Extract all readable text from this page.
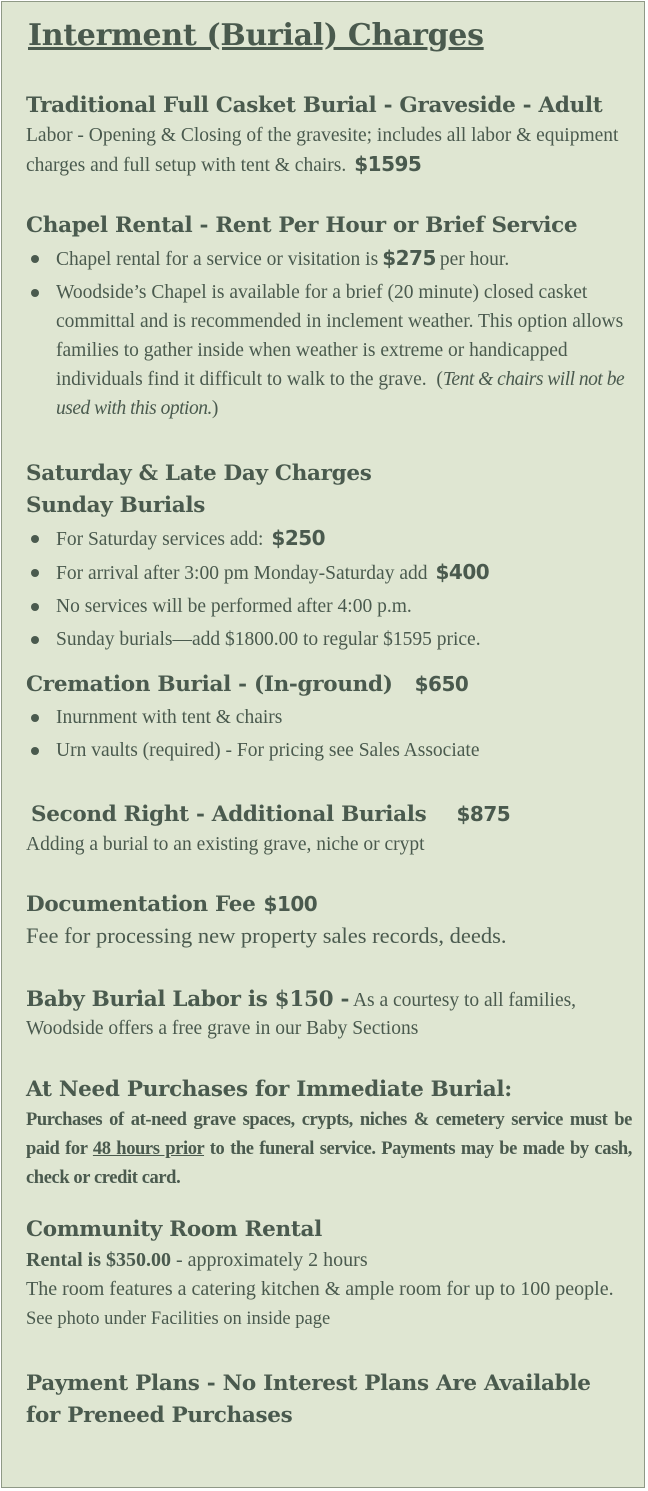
Interment (Burial) Charges
Traditional Full Casket Burial - Graveside - Adult
Labor - Opening & Closing of the gravesite; includes all labor & equipment charges and full setup with tent & chairs. $1595
Chapel Rental - Rent Per Hour or Brief Service
Chapel rental for a service or visitation is $275 per hour.
Woodside’s Chapel is available for a brief (20 minute) closed casket committal and is recommended in inclement weather. This option allows families to gather inside when weather is extreme or handicapped individuals find it difficult to walk to the grave.  (Tent & chairs will not be used with this option.)
Saturday & Late Day Charges
Sunday Burials
For Saturday services add: $250
For arrival after 3:00 pm Monday-Saturday add $400
No services will be performed after 4:00 p.m.
Sunday burials—add $1800.00 to regular $1595 price.
Cremation Burial - (In-ground) $650
Inurnment with tent & chairs
Urn vaults (required) - For pricing see Sales Associate
Second Right - Additional Burials $875
Adding a burial to an existing grave, niche or crypt
Documentation Fee $100
Fee for processing new property sales records, deeds.
Baby Burial Labor is $150 - As a courtesy to all families, Woodside offers a free grave in our Baby Sections
At Need Purchases for Immediate Burial:
Purchases of at-need grave spaces, crypts, niches & cemetery service must be paid for 48 hours prior to the funeral service. Payments may be made by cash, check or credit card.
Community Room Rental
Rental is $350.00 - approximately 2 hours
The room features a catering kitchen & ample room for up to 100 people.  See photo under Facilities on inside page
Payment Plans - No Interest Plans Are Available
for Preneed Purchases
